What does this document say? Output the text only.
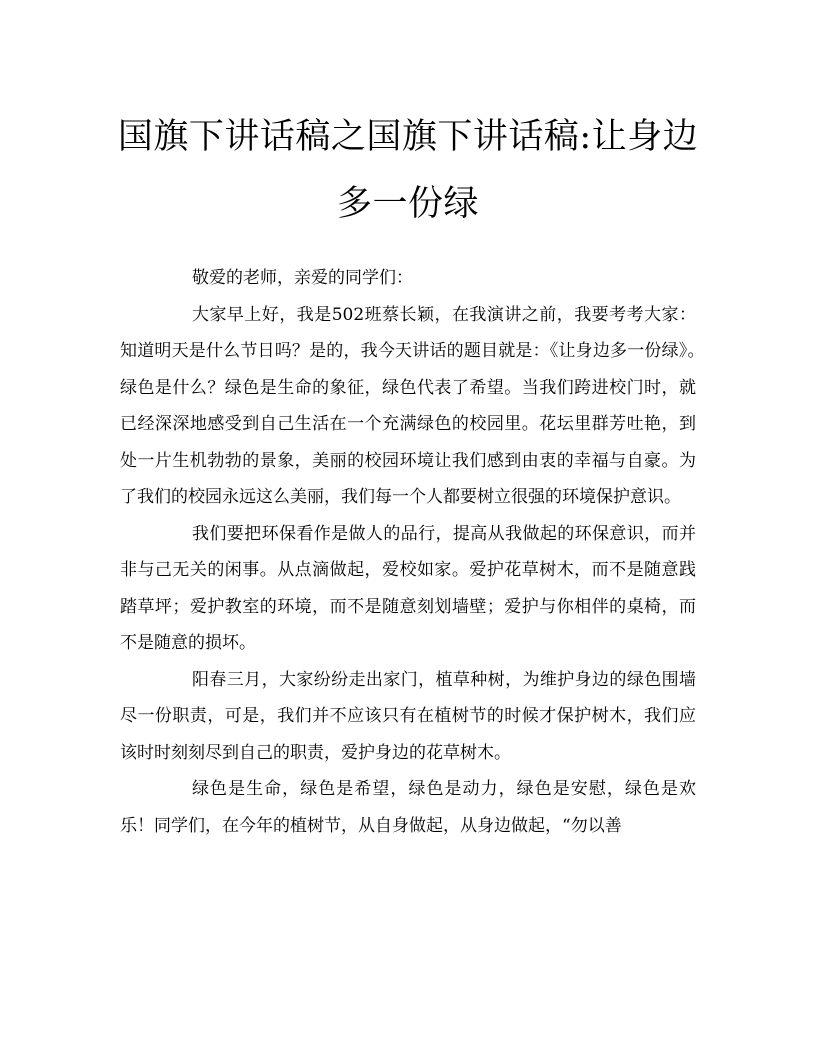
国旗下讲话稿之国旗下讲话稿:让身边
多一份绿

敬爱的老师，亲爱的同学们：

大家早上好，我是502班蔡长颖，在我演讲之前，我要考考大家：知道明天是什么节日吗？是的，我今天讲话的题目就是：《让身边多一份绿》。　　 绿色是什么？绿色是生命的象征，绿色代表了希望。当我们跨进校门时，就已经深深地感受到自己生活在一个充满绿色的校园里。花坛里群芳吐艳，到处一片生机勃勃的景象，美丽的校园环境让我们感到由衷的幸福与自豪。为了我们的校园永远这么美丽，我们每一个人都要树立很强的环境保护意识。

我们要把环保看作是做人的品行，提高从我做起的环保意识，而并非与己无关的闲事。从点滴做起，爱校如家。爱护花草树木，而不是随意践踏草坪；爱护教室的环境，而不是随意刻划墙壁；爱护与你相伴的桌椅，而不是随意的损坏。

阳春三月，大家纷纷走出家门，植草种树，为维护身边的绿色围墙尽一份职责，可是，我们并不应该只有在植树节的时候才保护树木，我们应该时时刻刻尽到自己的职责，爱护身边的花草树木。

绿色是生命，绿色是希望，绿色是动力，绿色是安慰，绿色是欢乐！同学们，在今年的植树节，从自身做起，从身边做起，“勿以善
